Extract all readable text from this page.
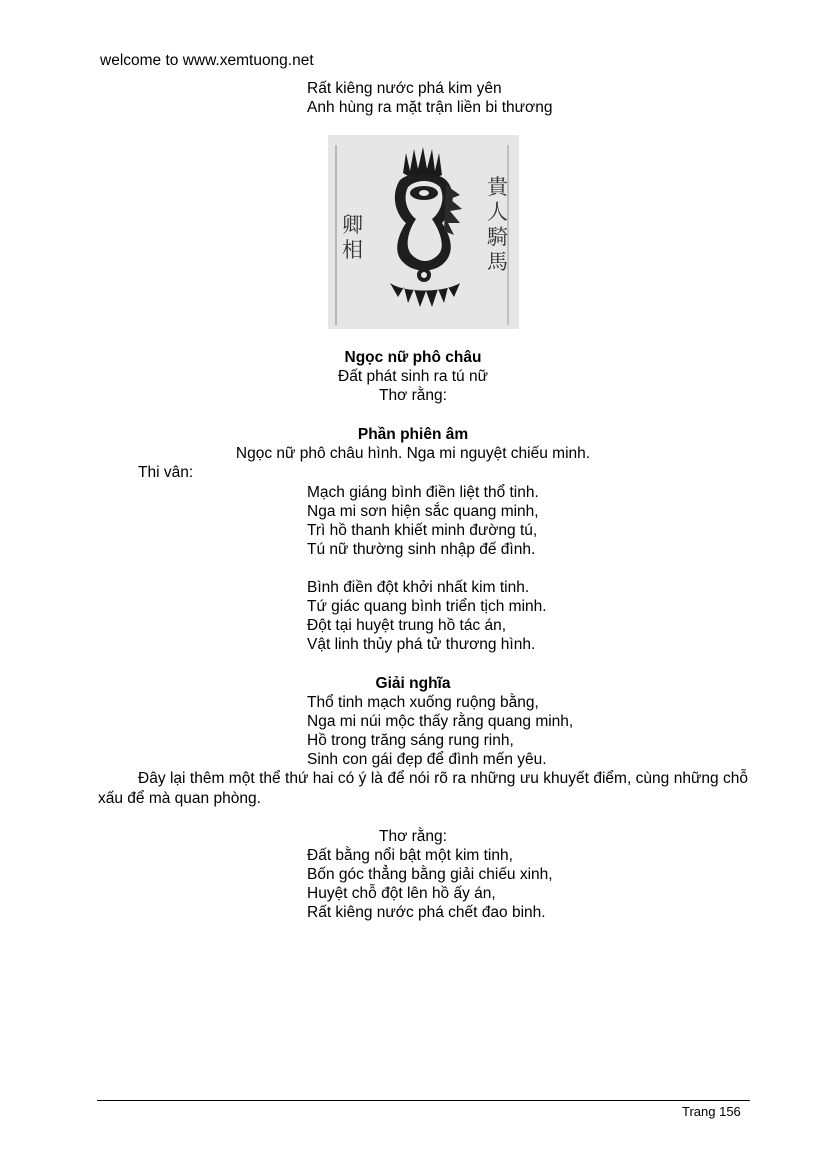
welcome to www.xemtuong.net
Rất kiêng nước phá kim yên
Anh hùng ra mặt trận liền bi thương
貴人騎馬
卿相
Ngọc nữ phô châu
Đất phát sinh ra tú nữ
Thơ rằng:
Phần phiên âm
Ngọc nữ phô châu hình. Nga mi nguyệt chiếu minh.
Thi vân:
Mạch giáng bình điền liệt thổ tinh.
Nga mi sơn hiện sắc quang minh,
Trì hồ thanh khiết minh đường tú,
Tú nữ thường sinh nhập đế đình.
Bình điền đột khởi nhất kim tinh.
Tứ giác quang bình triển tịch minh.
Đột tại huyệt trung hồ tác án,
Vật linh thủy phá tử thương hình.
Giải nghĩa
Thổ tinh mạch xuống ruộng bằng,
Nga mi núi mộc thấy rằng quang minh,
Hồ trong trăng sáng rung rinh,
Sinh con gái đẹp để đình mến yêu.
Đây lại thêm một thể thứ hai có ý là để nói rõ ra những ưu khuyết điểm, cùng những chỗ xấu để mà quan phòng.
Thơ rằng:
Đất bằng nổi bật một kim tinh,
Bốn góc thẳng bằng giải chiếu xinh,
Huyệt chỗ đột lên hồ ấy án,
Rất kiêng nước phá chết đao binh.
Trang 156
